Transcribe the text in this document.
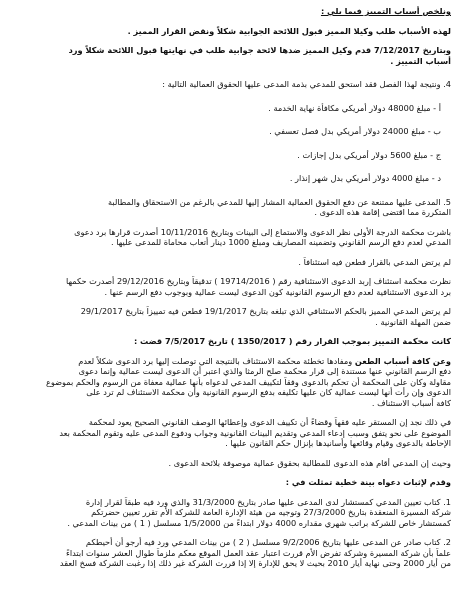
ونلخص أسباب التمييز فيما يلي :

لهذه الأسباب طلب وكيلا المميز قبول اللائحة الجوابية شكلاً ونقض القرار المميز .

وبتاريخ 7/12/2017 قدم وكيل المميز ضدها لائحة جوابية طلب في نهايتها قبول اللائحة شكلاً ورد

أسباب التمييز .

4. ونتيجة لهذا الفصل فقد استحق للمدعي بذمة المدعى عليها الحقوق العمالية التالية :

أ - مبلغ 48000 دولار أمريكي مكافأة نهاية الخدمة .

ب - مبلغ 24000 دولار أمريكي بدل فصل تعسفي .

ج - مبلغ 5600 دولار أمريكي بدل إجازات .

د - مبلغ 4000 دولار أمريكي بدل شهر إنذار .

5. المدعى عليها ممتنعة عن دفع الحقوق العمالية المشار إليها للمدعي بالرغم من الاستحقاق والمطالبة

المتكررة مما اقتضى إقامة هذه الدعوى .

باشرت محكمة الدرجة الأولى نظر الدعوى والاستماع إلى البينات وبتاريخ 10/11/2016 أصدرت قرارها برد دعوى

المدعي لعدم دفع الرسم القانوني وتضمينه المصاريف ومبلغ 1000 دينار أتعاب محاماة للمدعى عليها .

لم يرتض المدعي بالقرار فطعن فيه استئنافاً .

نظرت محكمة استئناف إربد الدعوى الاستئنافية رقم ( 19714/2016 ) تدقيقاً وبتاريخ 29/12/2016 أصدرت حكمها

برد الدعوى الاستئنافية لعدم دفع الرسوم القانونية كون الدعوى ليست عمالية وبوجوب دفع الرسم عنها .

لم يرتض المدعي المميز بالحكم الاستئنافي الذي تبلغه بتاريخ 19/1/2017 فطعن فيه تمييزاً بتاريخ 29/1/2017

ضمن المهلة القانونية .

كانت محكمة التمييز بموجب القرار رقم ( 1350/2017 ) تاريخ 7/5/2017 قضت :

وعن كافة أسباب الطعن ومفادها تخطئة محكمة الاستئناف بالنتيجة التي توصلت إليها برد الدعوى شكلاً لعدم

دفع الرسم القانوني عنها مستندة إلى قرار محكمة صلح الرمثا والذي اعتبر أن الدعوى ليست عمالية وإنما دعوى

مقاولة وكان على المحكمة أن تحكم بالدعوى وفقاً لتكييف المدعي لدعواه بأنها عمالية معفاة من الرسوم والحكم بموضوع

الدعوى وإن رأت أنها ليست عمالية كان عليها تكليفه بدفع الرسوم القانونية وأن محكمة الاستئناف لم ترد على

كافة أسباب الاستئناف .

في ذلك نجد إن المستقر عليه فقهاً وقضاءً أن تكييف الدعوى وإعطائها الوصف القانوني الصحيح يعود لمحكمة

الموضوع على نحو يتفق وسبب إدعاء المدعي وتقديم البينات القانونية وجواب ودفوع المدعى عليه وتقوم المحكمة بعد

الإحاطة بالدعوى وقيام وقائعها وأسانيدها بإنزال حكم القانون عليها .

وحيث إن المدعي أقام هذه الدعوى للمطالبة بحقوق عمالية موصوفة بلائحة الدعوى .

وقدم لإثبات دعواه بينة خطية تمثلت في :

1. كتاب تعيين المدعي كمستشار لدى المدعى عليها صادر بتاريخ 31/3/2000 والذي ورد فيه طبقاً لقرار إدارة

شركة المسيرة المنعقدة بتاريخ 27/3/2000 وتوجيه من هيئة الإدارة العامة للشركة الأم تقرر تعيين حضرتكم

كمستشار خاص للشركة براتب شهري مقداره 4000 دولار ابتداءً من 1/5/2000 مسلسل ( 1 ) من بينات المدعي .

2. كتاب صادر عن المدعى عليها بتاريخ 9/2/2006 مسلسل ( 2 ) من بينات المدعي ورد فيه أرجو أن أحيطكم

علماً بأن شركة المسيرة وشركة تفرض الأم قررت اعتبار عقد العمل الموقع معكم ملزماً طوال العشر سنوات ابتداءً

من أيار 2000 وحتى نهاية أيار 2010 بحيث لا يحق للإدارة إلا إذا قررت الشركة غير ذلك إذا رغبت الشركة فسخ العقد
